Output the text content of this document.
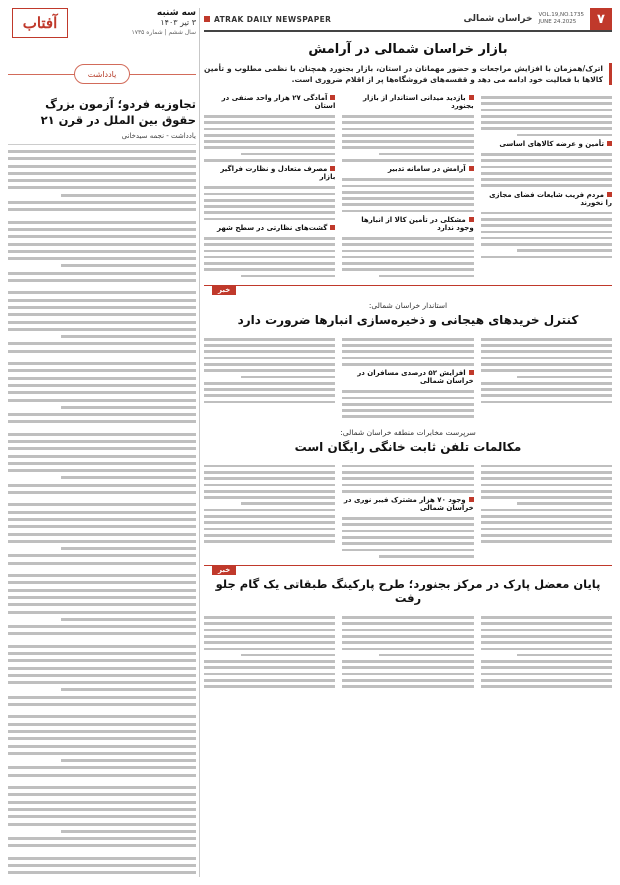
سه شنبه
۳ تیر ۱۴۰۳
سال ششم | شماره ۱۷۳۵
آفتاب
یادداشت
تجاوزیه فردو؛ آزمون بزرگ حقوق بین الملل در قرن ۲۱
یادداشت - نجمه سیدخانی
۷
VOL.19,NO.1735
JUNE 24.2025
خراسان شمالی
ATRAK DAILY NEWSPAPER
بازار خراسان شمالی در آرامش
اترک/همزمان با افزایش مراجعات و حضور مهمانان در استان، بازار بجنورد همچنان با نظمی مطلوب و تأمین کالاها با فعالیت خود ادامه می دهد و قفسه‌های فروشگاه‌ها پر از اقلام ضروری است.
تأمین و عرضه کالاهای اساسی
مردم فریب شایعات فضای مجازی را نخورند
بازدید میدانی استاندار از بازار بجنورد
آرامش در سامانه تدبیر
مشکلی در تأمین کالا از انبارها وجود ندارد
آمادگی ۲۷ هزار واحد صنفی در استان
مصرف متعادل و نظارت فراگیر بازار
گشت‌های نظارتی در سطح شهر
خبر
استاندار خراسان شمالی:
کنترل خریدهای هیجانی و ذخیره‌سازی انبارها ضرورت دارد
افزایش ۵۲ درصدی مسافران در خراسان شمالی
سرپرست مخابرات منطقه خراسان شمالی:
مکالمات تلفن ثابت خانگی رایگان است
وجود ۷۰ هزار مشترک فیبر نوری در خراسان شمالی
خبر
پایان معضل پارک در مرکز بجنورد؛ طرح پارکینگ طبقاتی یک گام جلو رفت
